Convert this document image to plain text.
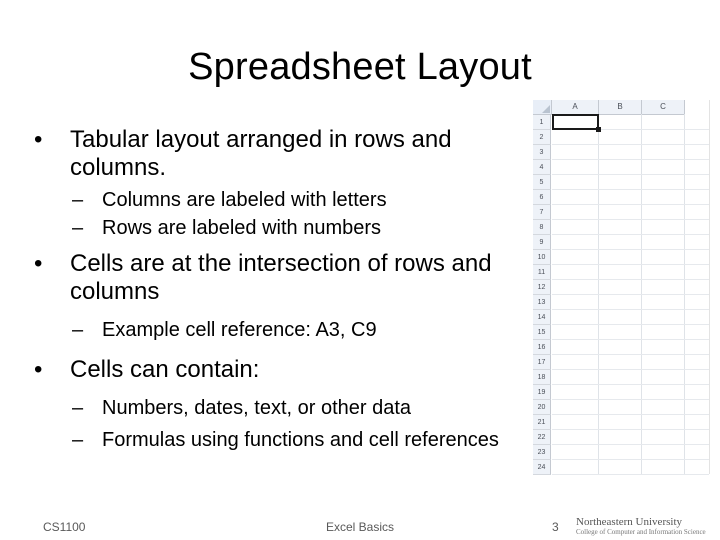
Spreadsheet Layout
• Tabular layout arranged in rows and columns.
– Columns are labeled with letters
– Rows are labeled with numbers
• Cells are at the intersection of rows and columns
– Example cell reference: A3, C9
• Cells can contain:
– Numbers, dates, text, or other data
– Formulas using functions and cell references
A	B	C
1
2
3
4
5
6
7
8
9
10
11
12
13
14
15
16
17
18
19
20
21
22
23
24
CS1100	Excel Basics	3 Northeastern University
College of Computer and Information Science
